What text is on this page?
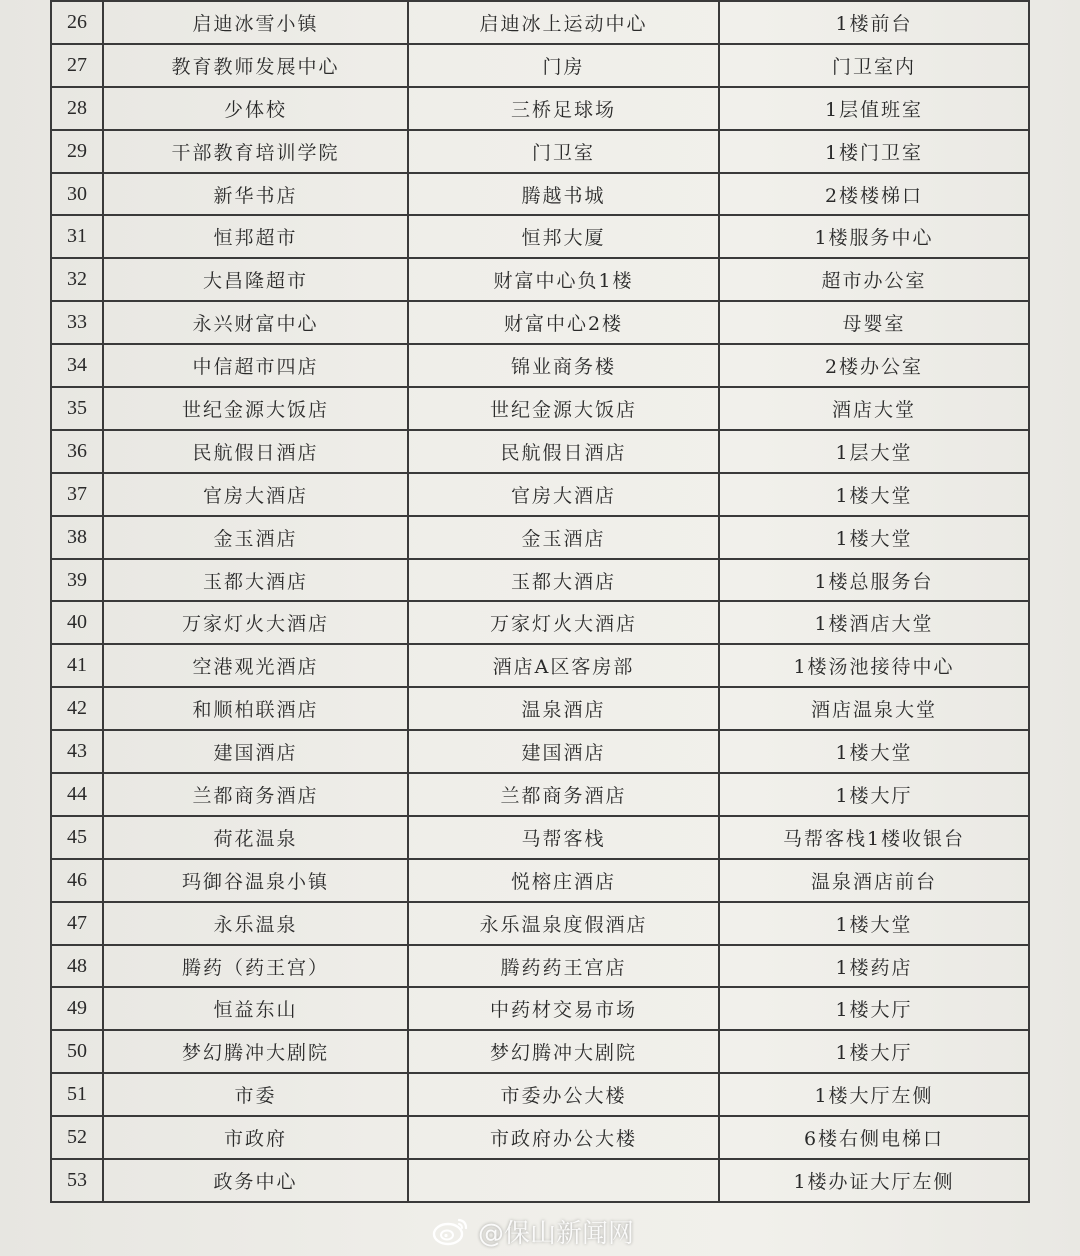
26	启迪冰雪小镇	启迪冰上运动中心	1楼前台
27	教育教师发展中心	门房	门卫室内
28	少体校	三桥足球场	1层值班室
29	干部教育培训学院	门卫室	1楼门卫室
30	新华书店	腾越书城	2楼楼梯口
31	恒邦超市	恒邦大厦	1楼服务中心
32	大昌隆超市	财富中心负1楼	超市办公室
33	永兴财富中心	财富中心2楼	母婴室
34	中信超市四店	锦业商务楼	2楼办公室
35	世纪金源大饭店	世纪金源大饭店	酒店大堂
36	民航假日酒店	民航假日酒店	1层大堂
37	官房大酒店	官房大酒店	1楼大堂
38	金玉酒店	金玉酒店	1楼大堂
39	玉都大酒店	玉都大酒店	1楼总服务台
40	万家灯火大酒店	万家灯火大酒店	1楼酒店大堂
41	空港观光酒店	酒店A区客房部	1楼汤池接待中心
42	和顺柏联酒店	温泉酒店	酒店温泉大堂
43	建国酒店	建国酒店	1楼大堂
44	兰都商务酒店	兰都商务酒店	1楼大厅
45	荷花温泉	马帮客栈	马帮客栈1楼收银台
46	玛御谷温泉小镇	悦榕庄酒店	温泉酒店前台
47	永乐温泉	永乐温泉度假酒店	1楼大堂
48	腾药（药王宫）	腾药药王宫店	1楼药店
49	恒益东山	中药材交易市场	1楼大厅
50	梦幻腾冲大剧院	梦幻腾冲大剧院	1楼大厅
51	市委	市委办公大楼	1楼大厅左侧
52	市政府	市政府办公大楼	6楼右侧电梯口
53	政务中心		1楼办证大厅左侧
@保山新闻网
